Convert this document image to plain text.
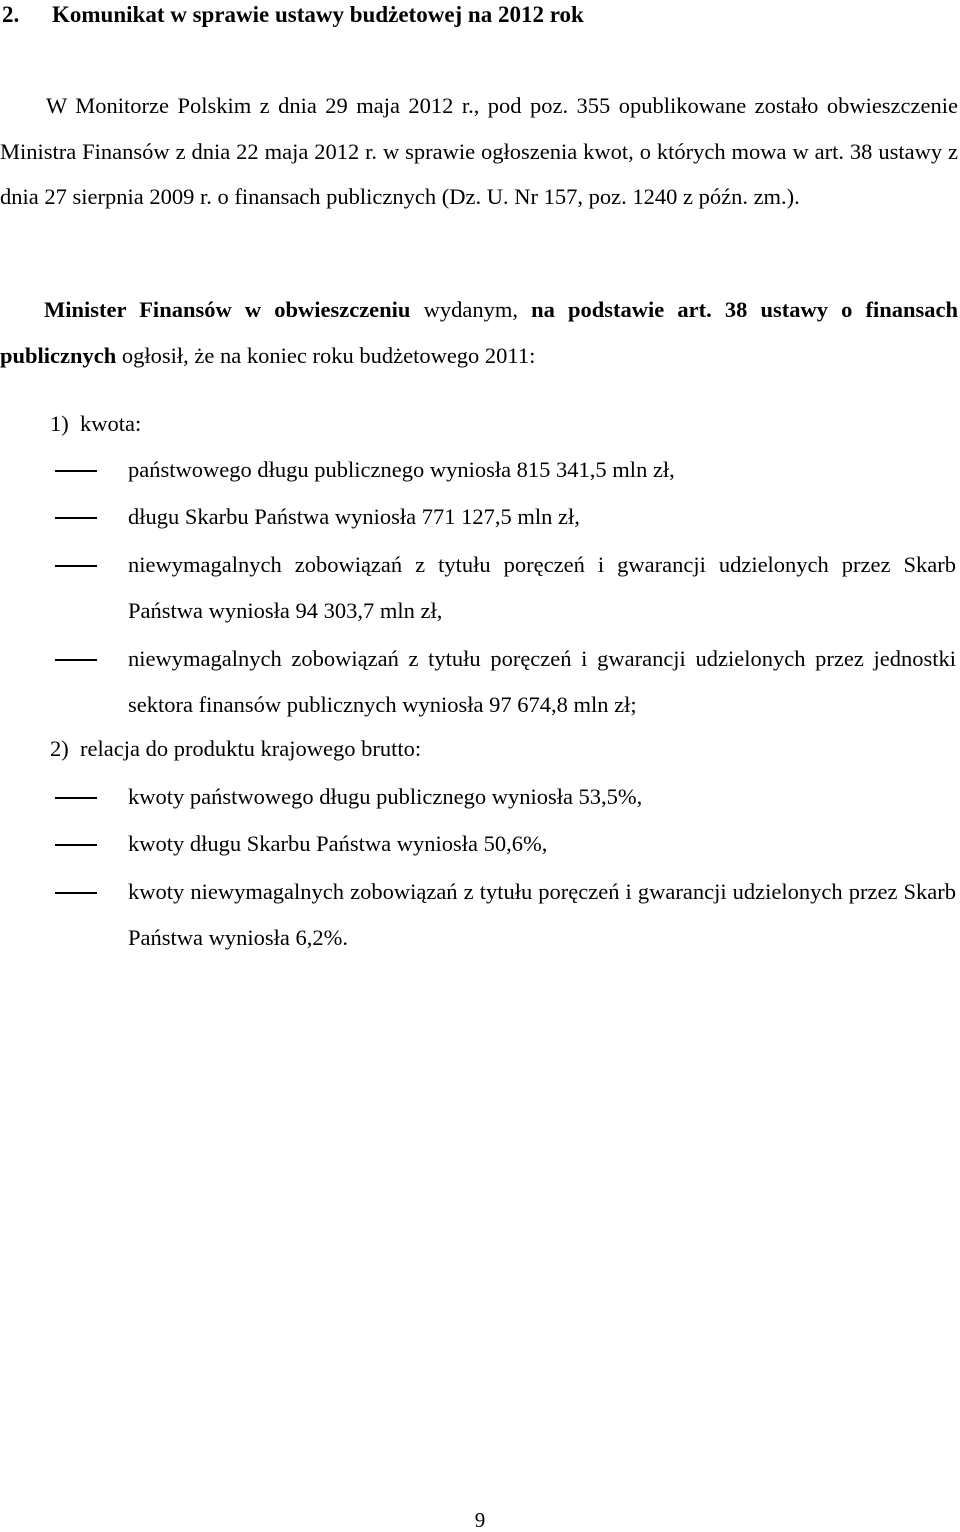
2. Komunikat w sprawie ustawy budżetowej na 2012 rok
W Monitorze Polskim z dnia 29 maja 2012 r., pod poz. 355 opublikowane zostało obwieszczenie Ministra Finansów z dnia 22 maja 2012 r. w sprawie ogłoszenia kwot, o których mowa w art. 38 ustawy z dnia 27 sierpnia 2009 r. o finansach publicznych (Dz. U. Nr 157, poz. 1240 z późn. zm.).
Minister Finansów w obwieszczeniu wydanym, na podstawie art. 38 ustawy o finansach publicznych ogłosił, że na koniec roku budżetowego 2011:
1) kwota:
państwowego długu publicznego wyniosła 815 341,5 mln zł,
długu Skarbu Państwa wyniosła 771 127,5 mln zł,
niewymagalnych zobowiązań z tytułu poręczeń i gwarancji udzielonych przez Skarb Państwa wyniosła 94 303,7 mln zł,
niewymagalnych zobowiązań z tytułu poręczeń i gwarancji udzielonych przez jednostki sektora finansów publicznych wyniosła 97 674,8 mln zł;
2) relacja do produktu krajowego brutto:
kwoty państwowego długu publicznego wyniosła 53,5%,
kwoty długu Skarbu Państwa wyniosła 50,6%,
kwoty niewymagalnych zobowiązań z tytułu poręczeń i gwarancji udzielonych przez Skarb Państwa wyniosła 6,2%.
9
